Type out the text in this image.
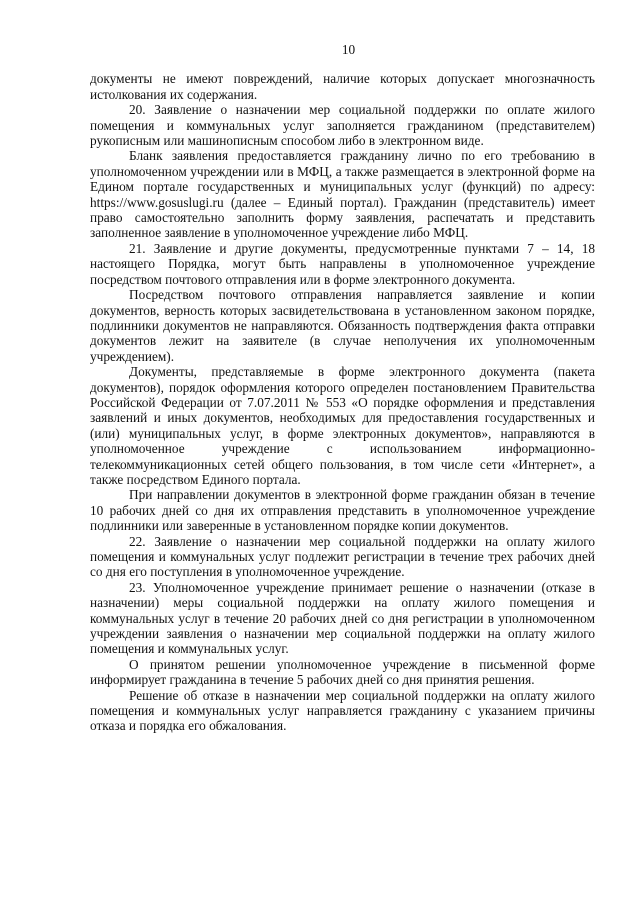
10

документы не имеют повреждений, наличие которых допускает многозначность истолкования их содержания.

20. Заявление о назначении мер социальной поддержки по оплате жилого помещения и коммунальных услуг заполняется гражданином (представителем) рукописным или машинописным способом либо в электронном виде.

Бланк заявления предоставляется гражданину лично по его требованию в уполномоченном учреждении или в МФЦ, а также размещается в электронной форме на Едином портале государственных и муниципальных услуг (функций) по адресу: https://www.gosuslugi.ru (далее – Единый портал). Гражданин (представитель) имеет право самостоятельно заполнить форму заявления, распечатать и представить заполненное заявление в уполномоченное учреждение либо МФЦ.

21. Заявление и другие документы, предусмотренные пунктами 7 – 14, 18 настоящего Порядка, могут быть направлены в уполномоченное учреждение посредством почтового отправления или в форме электронного документа.

Посредством почтового отправления направляется заявление и копии документов, верность которых засвидетельствована в установленном законом порядке, подлинники документов не направляются. Обязанность подтверждения факта отправки документов лежит на заявителе (в случае неполучения их уполномоченным учреждением).

Документы, представляемые в форме электронного документа (пакета документов), порядок оформления которого определен постановлением Правительства Российской Федерации от 7.07.2011 № 553 «О порядке оформления и представления заявлений и иных документов, необходимых для предоставления государственных и (или) муниципальных услуг, в форме электронных документов», направляются в уполномоченное учреждение с использованием информационно-телекоммуникационных сетей общего пользования, в том числе сети «Интернет», а также посредством Единого портала.

При направлении документов в электронной форме гражданин обязан в течение 10 рабочих дней со дня их отправления представить в уполномоченное учреждение подлинники или заверенные в установленном порядке копии документов.

22. Заявление о назначении мер социальной поддержки на оплату жилого помещения и коммунальных услуг подлежит регистрации в течение трех рабочих дней со дня его поступления в уполномоченное учреждение.

23. Уполномоченное учреждение принимает решение о назначении (отказе в назначении) меры социальной поддержки на оплату жилого помещения и коммунальных услуг в течение 20 рабочих дней со дня регистрации в уполномоченном учреждении заявления о назначении мер социальной поддержки на оплату жилого помещения и коммунальных услуг.

О принятом решении уполномоченное учреждение в письменной форме информирует гражданина в течение 5 рабочих дней со дня принятия решения.

Решение об отказе в назначении мер социальной поддержки на оплату жилого помещения и коммунальных услуг направляется гражданину с указанием причины отказа и порядка его обжалования.
